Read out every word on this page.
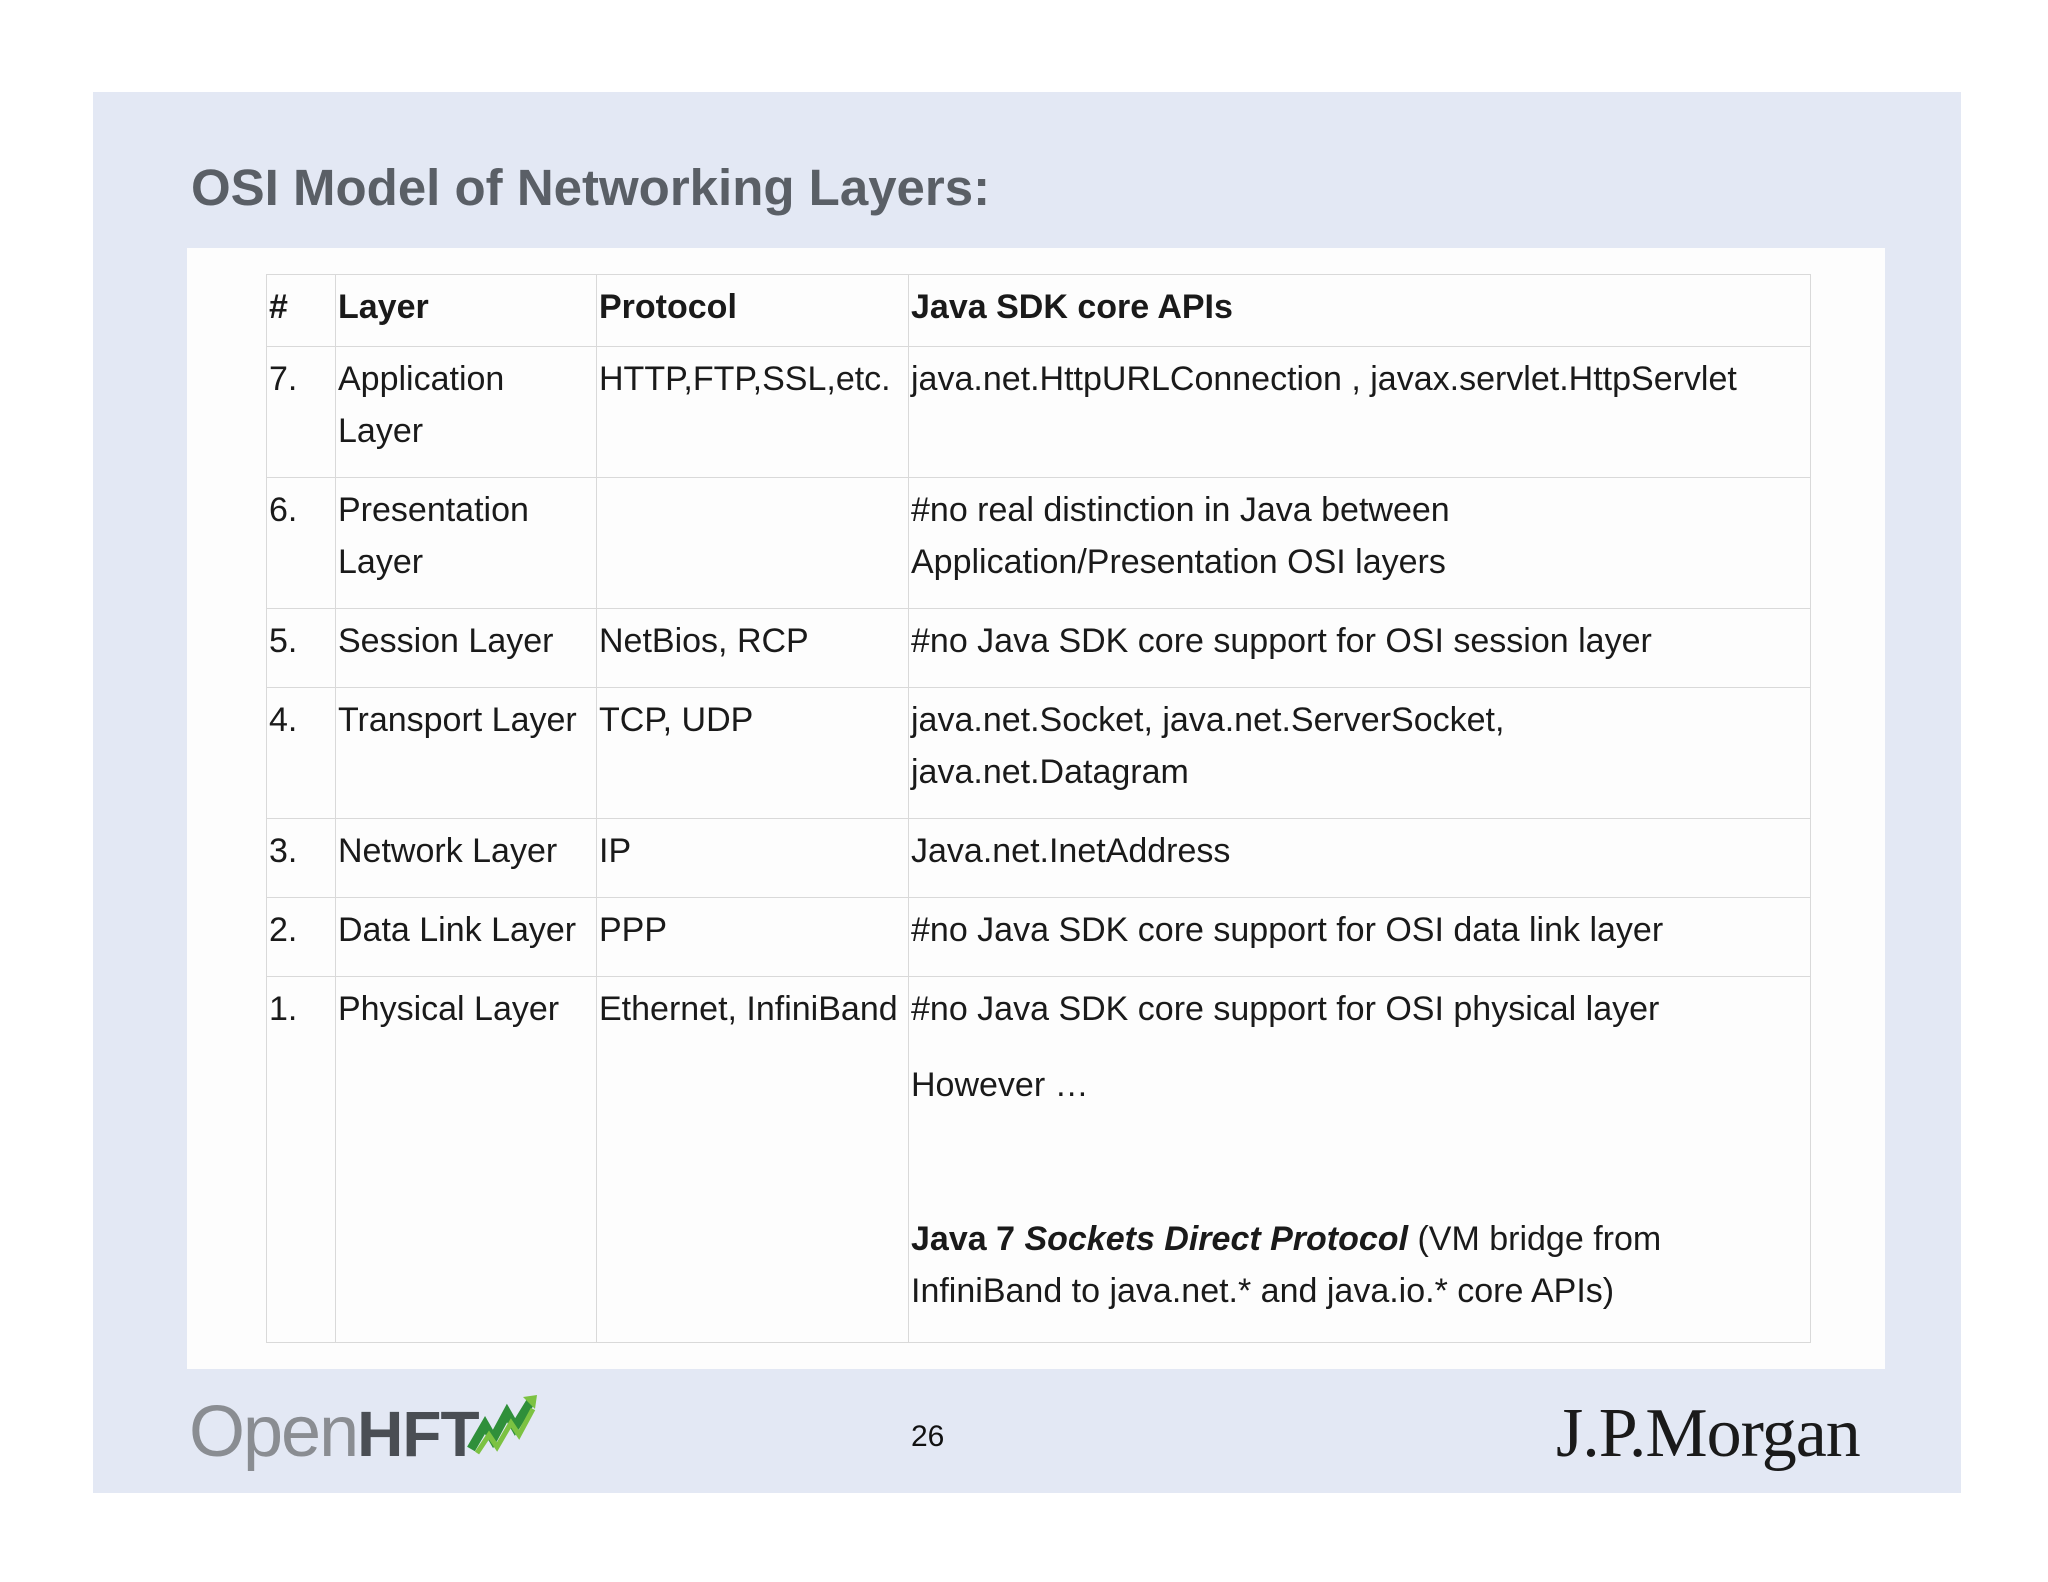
OSI Model of Networking Layers:
#	Layer	Protocol	Java SDK core APIs
7.	Application Layer	HTTP,FTP,SSL,etc.	java.net.HttpURLConnection , javax.servlet.HttpServlet
6.	Presentation Layer		#no real distinction in Java between
Application/Presentation OSI layers

5.	Session Layer	NetBios, RCP	#no Java SDK core support for OSI session layer
4.	Transport Layer	TCP, UDP	java.net.Socket, java.net.ServerSocket,
java.net.Datagram

3.	Network Layer	IP	Java.net.InetAddress
2.	Data Link Layer	PPP	#no Java SDK core support for OSI data link layer
1.	Physical Layer	Ethernet, InfiniBand	#no Java SDK core support for OSI physical layer
However …
Java 7 Sockets Direct Protocol (VM bridge from
InfiniBand to java.net.* and java.io.* core APIs)
OpenHFT	26	J.P.Morgan
